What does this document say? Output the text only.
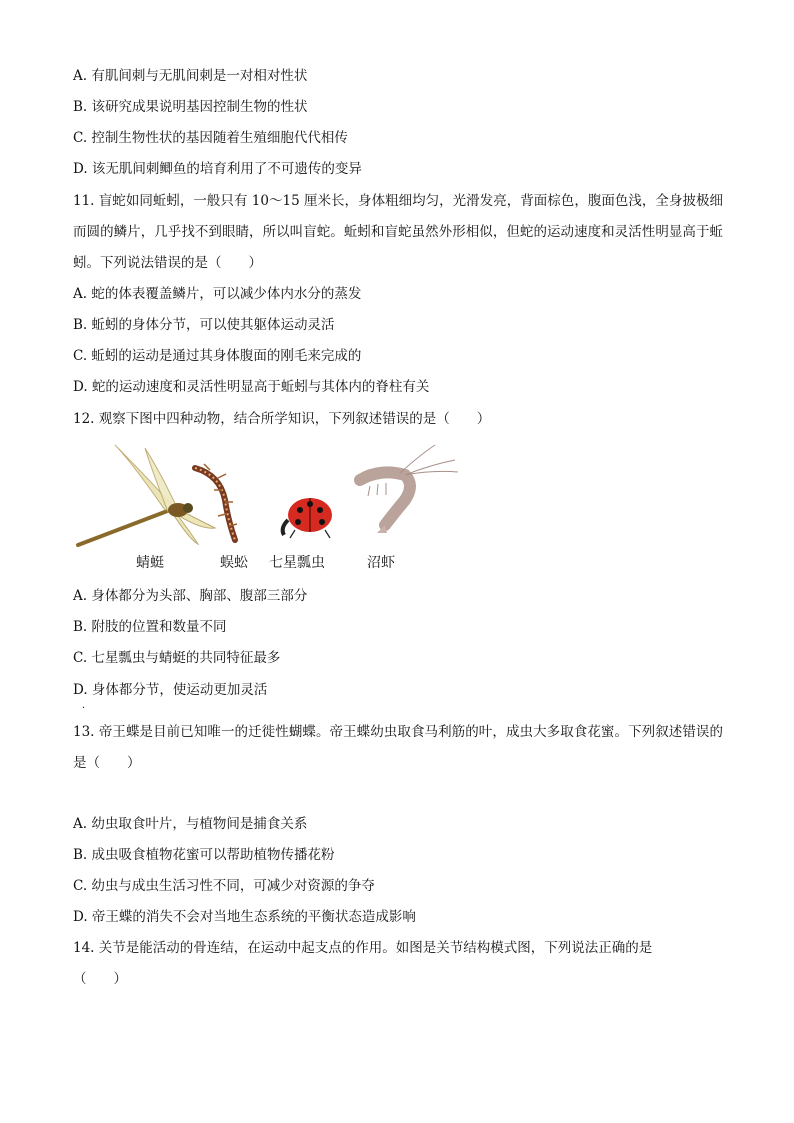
A. 有肌间刺与无肌间刺是一对相对性状
B. 该研究成果说明基因控制生物的性状
C. 控制生物性状的基因随着生殖细胞代代相传
D. 该无肌间刺鲫鱼的培育利用了不可遗传的变异
11. 盲蛇如同蚯蚓，一般只有 10～15 厘米长，身体粗细均匀，光滑发亮，背面棕色，腹面色浅，全身披极细而圆的鳞片，几乎找不到眼睛，所以叫盲蛇。蚯蚓和盲蛇虽然外形相似，但蛇的运动速度和灵活性明显高于蚯蚓。下列说法错误的是（　　）
A. 蛇的体表覆盖鳞片，可以减少体内水分的蒸发
B. 蚯蚓的身体分节，可以使其躯体运动灵活
C. 蚯蚓的运动是通过其身体腹面的刚毛来完成的
D. 蛇的运动速度和灵活性明显高于蚯蚓与其体内的脊柱有关
12. 观察下图中四种动物，结合所学知识，下列叙述错误的是（　　）
蜻蜓	蜈蚣 七星瓢虫	沼虾
A. 身体都分为头部、胸部、腹部三部分
B. 附肢的位置和数量不同
C. 七星瓢虫与蜻蜓的共同特征最多
D. 身体都分节，使运动更加灵活
·
13. 帝王蝶是目前已知唯一的迁徙性蝴蝶。帝王蝶幼虫取食马利筋的叶，成虫大多取食花蜜。下列叙述错误的是（　　）
A. 幼虫取食叶片，与植物间是捕食关系
B. 成虫吸食植物花蜜可以帮助植物传播花粉
C. 幼虫与成虫生活习性不同，可减少对资源的争夺
D. 帝王蝶的消失不会对当地生态系统的平衡状态造成影响
14. 关节是能活动的骨连结，在运动中起支点的作用。如图是关节结构模式图，下列说法正确的是
（　　）
